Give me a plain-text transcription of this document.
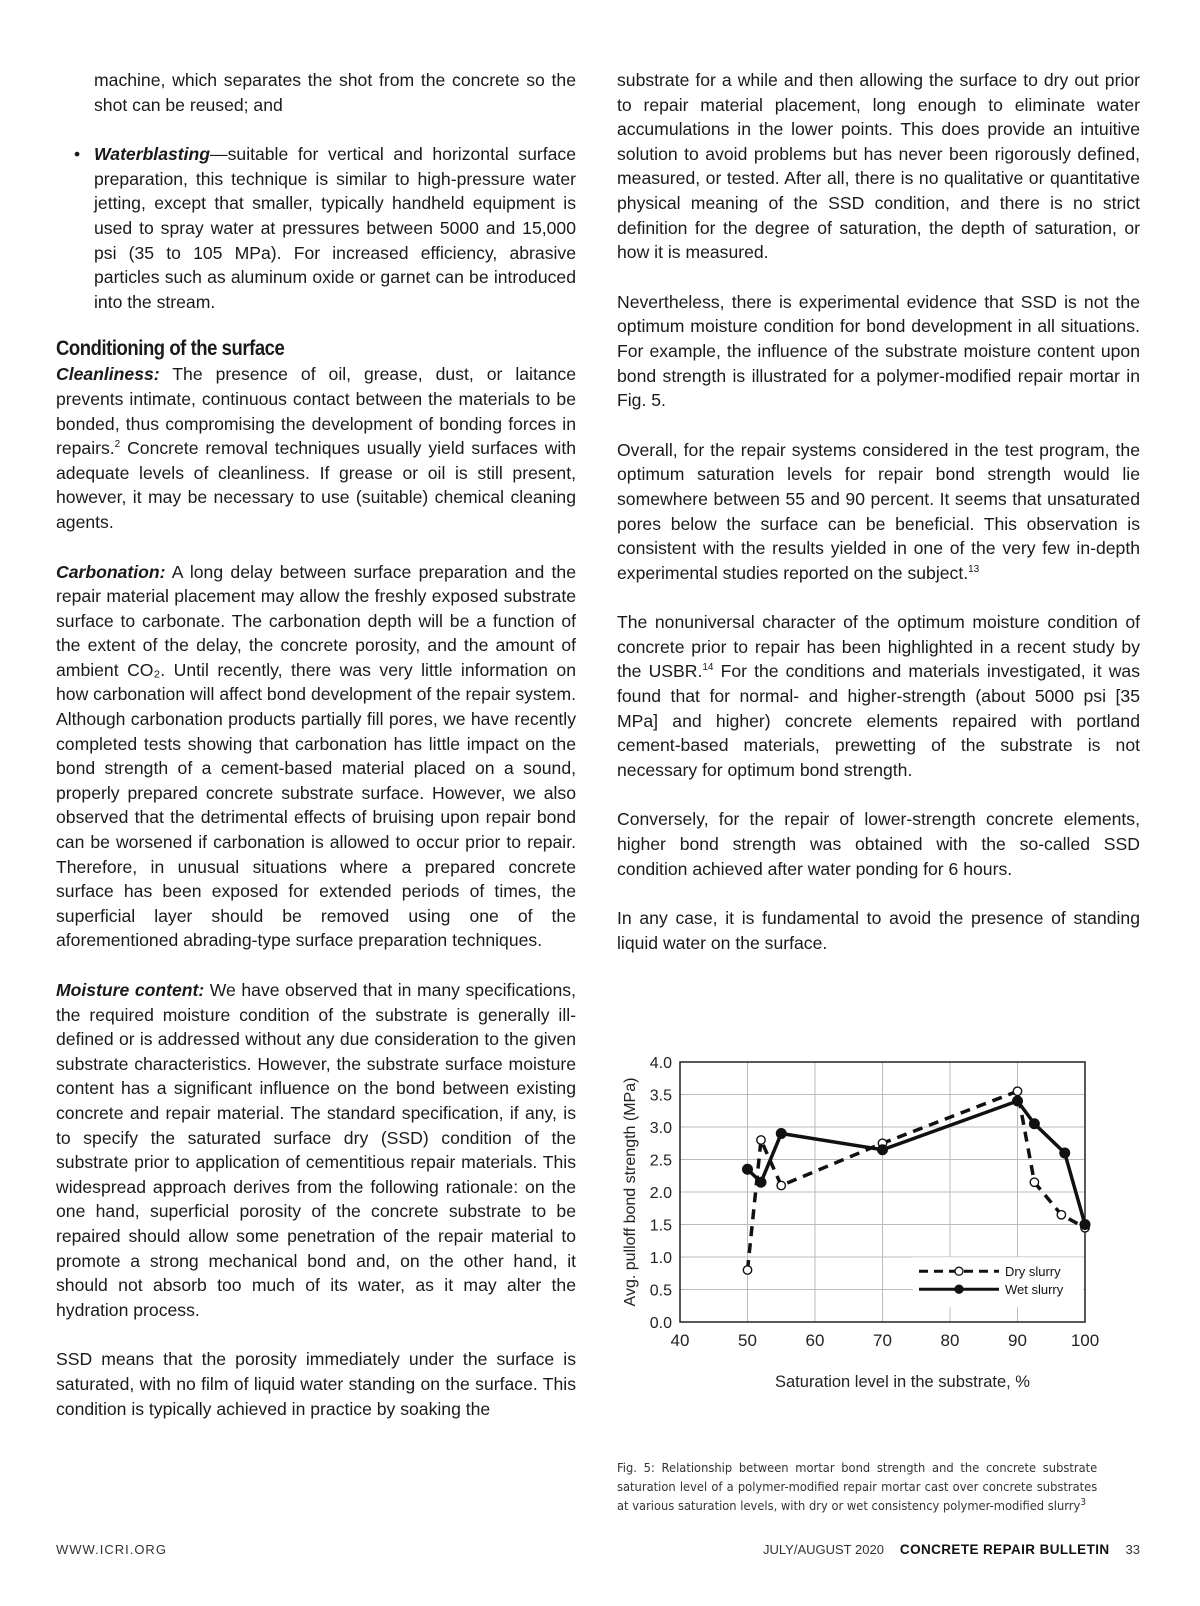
machine, which separates the shot from the concrete so the shot can be reused; and

• Waterblasting—suitable for vertical and horizontal surface preparation, this technique is similar to high-pressure water jetting, except that smaller, typically handheld equipment is used to spray water at pressures between 5000 and 15,000 psi (35 to 105 MPa). For increased efficiency, abrasive particles such as aluminum oxide or garnet can be introduced into the stream.
Conditioning of the surface

Cleanliness: The presence of oil, grease, dust, or laitance prevents intimate, continuous contact between the materials to be bonded, thus compromising the development of bonding forces in repairs.$^2$ Concrete removal techniques usually yield surfaces with adequate levels of cleanliness. If grease or oil is still present, however, it may be necessary to use (suitable) chemical cleaning agents.

Carbonation: A long delay between surface preparation and the repair material placement may allow the freshly exposed substrate surface to carbonate. The carbonation depth will be a function of the extent of the delay, the concrete porosity, and the amount of ambient CO₂. Until recently, there was very little information on how carbonation will affect bond development of the repair system. Although carbonation products partially fill pores, we have recently completed tests showing that carbonation has little impact on the bond strength of a cement-based material placed on a sound, properly prepared concrete substrate surface. However, we also observed that the detrimental effects of bruising upon repair bond can be worsened if carbonation is allowed to occur prior to repair. Therefore, in unusual situations where a prepared concrete surface has been exposed for extended periods of times, the superficial layer should be removed using one of the aforementioned abrading-type surface preparation techniques.

Moisture content: We have observed that in many specifications, the required moisture condition of the substrate is generally ill-defined or is addressed without any due consideration to the given substrate characteristics. However, the substrate surface moisture content has a significant influence on the bond between existing concrete and repair material. The standard specification, if any, is to specify the saturated surface dry (SSD) condition of the substrate prior to application of cementitious repair materials. This widespread approach derives from the following rationale: on the one hand, superficial porosity of the concrete substrate to be repaired should allow some penetration of the repair material to promote a strong mechanical bond and, on the other hand, it should not absorb too much of its water, as it may alter the hydration process.

SSD means that the porosity immediately under the surface is saturated, with no film of liquid water standing on the surface. This condition is typically achieved in practice by soaking the

substrate for a while and then allowing the surface to dry out prior to repair material placement, long enough to eliminate water accumulations in the lower points. This does provide an intuitive solution to avoid problems but has never been rigorously defined, measured, or tested. After all, there is no qualitative or quantitative physical meaning of the SSD condition, and there is no strict definition for the degree of saturation, the depth of saturation, or how it is measured.

Nevertheless, there is experimental evidence that SSD is not the optimum moisture condition for bond development in all situations. For example, the influence of the substrate moisture content upon bond strength is illustrated for a polymer-modified repair mortar in Fig. 5.

Overall, for the repair systems considered in the test program, the optimum saturation levels for repair bond strength would lie somewhere between 55 and 90 percent. It seems that unsaturated pores below the surface can be beneficial. This observation is consistent with the results yielded in one of the very few in-depth experimental studies reported on the subject.$^{13}$

The nonuniversal character of the optimum moisture condition of concrete prior to repair has been highlighted in a recent study by the USBR.$^{14}$ For the conditions and materials investigated, it was found that for normal- and higher-strength (about 5000 psi [35 MPa] and higher) concrete elements repaired with portland cement-based materials, prewetting of the substrate is not necessary for optimum bond strength.

Conversely, for the repair of lower-strength concrete elements, higher bond strength was obtained with the so-called SSD condition achieved after water ponding for 6 hours.

In any case, it is fundamental to avoid the presence of standing liquid water on the surface.

0.0
0.5
1.0
1.5
2.0
2.5
3.0
3.5
4.0
40	50	60	70	80	90	100
Avg. pulloff bond strength (MPa)
Saturation level in the substrate, %
Dry slurry
Wet slurry
Fig. 5: Relationship between mortar bond strength and the concrete substrate saturation level of a polymer-modified repair mortar cast over concrete substrates at various saturation levels, with dry or wet consistency polymer-modified slurry$^3$
WWW.ICRI.ORG	JULY/AUGUST 2020 CONCRETE REPAIR BULLETIN 33
